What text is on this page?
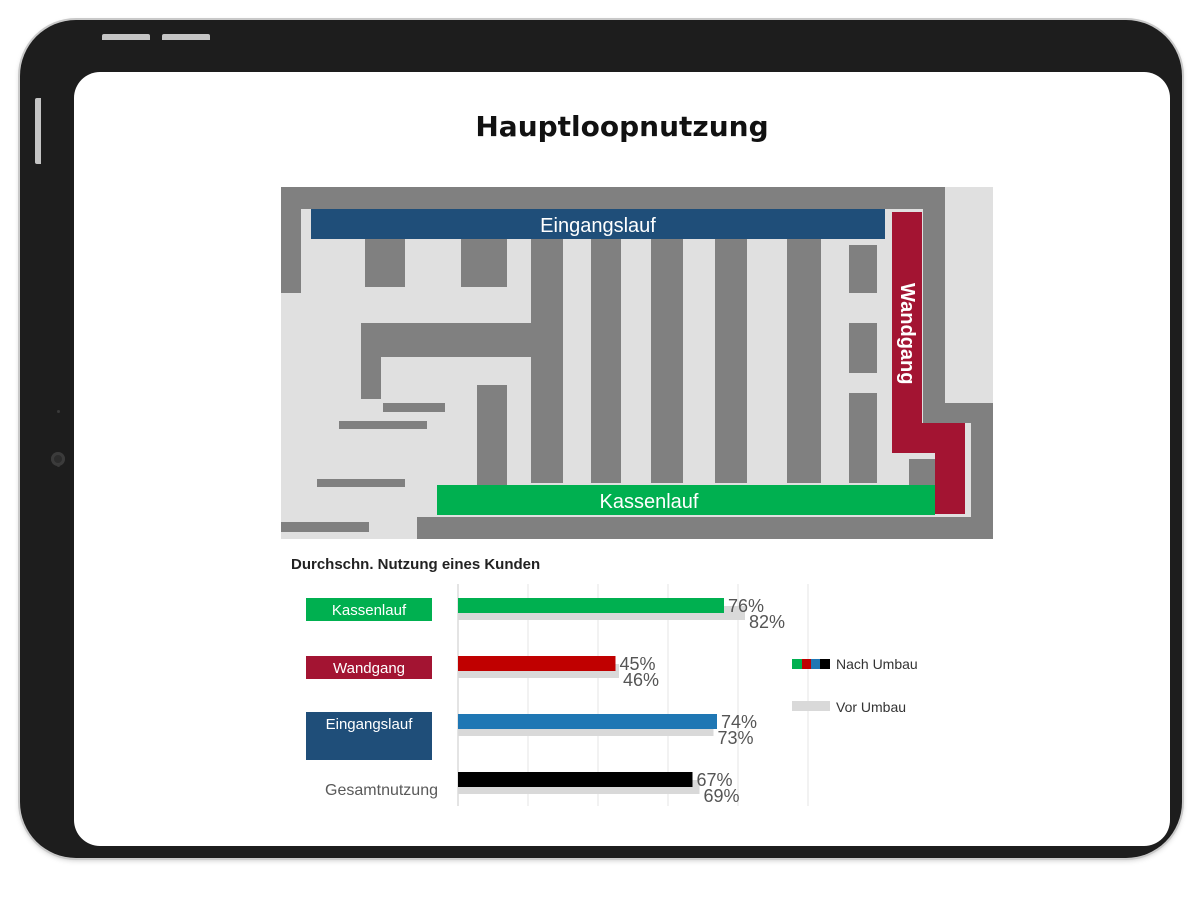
Hauptloopnutzung
Eingangslauf
Wandgang
Kassenlauf
Durchschn. Nutzung eines Kunden
76%
82%
45%
46%
74%
73%
67%
69%
Kassenlauf
Wandgang
Eingangslauf
Gesamtnutzung
Nach Umbau
Vor Umbau
